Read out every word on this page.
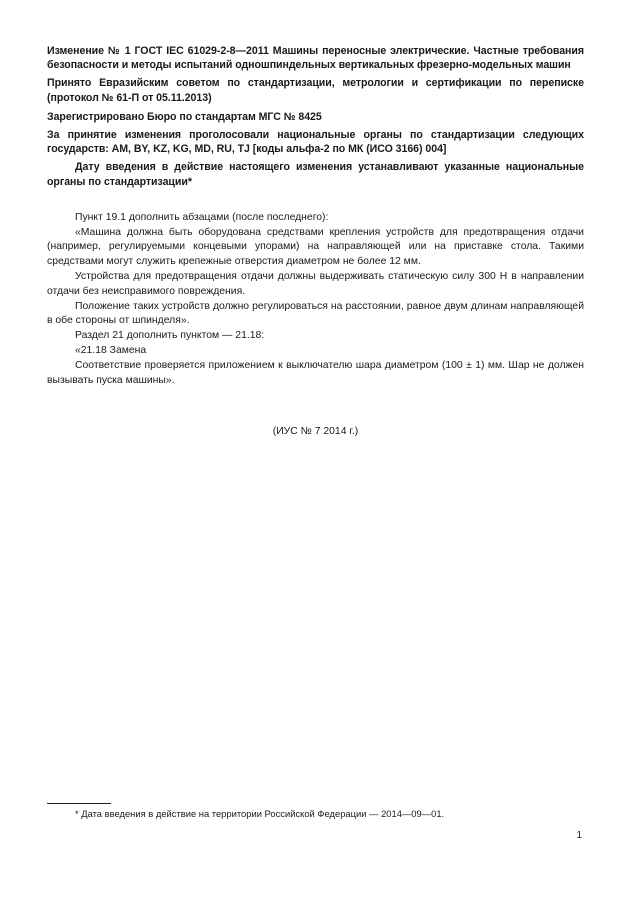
Изменение № 1 ГОСТ IEC 61029-2-8—2011 Машины переносные электрические. Частные требования безопасности и методы испытаний одношпиндельных вертикальных фрезерно-модельных машин

Принято Евразийским советом по стандартизации, метрологии и сертификации по переписке (протокол № 61-П от 05.11.2013)

Зарегистрировано Бюро по стандартам МГС № 8425

За принятие изменения проголосовали национальные органы по стандартизации следующих государств: AM, BY, KZ, KG, MD, RU, TJ [коды альфа-2 по МК (ИСО 3166) 004]

Дату введения в действие настоящего изменения устанавливают указанные национальные органы по стандартизации*

Пункт 19.1 дополнить абзацами (после последнего):

«Машина должна быть оборудована средствами крепления устройств для предотвращения отдачи (например, регулируемыми концевыми упорами) на направляющей или на приставке стола. Такими средствами могут служить крепежные отверстия диаметром не более 12 мм.

Устройства для предотвращения отдачи должны выдерживать статическую силу 300 Н в направлении отдачи без неисправимого повреждения.

Положение таких устройств должно регулироваться на расстоянии, равное двум длинам направляющей в обе стороны от шпинделя».

Раздел 21 дополнить пунктом — 21.18:

«21.18 Замена

Соответствие проверяется приложением к выключателю шара диаметром (100 ± 1) мм. Шар не должен вызывать пуска машины».

(ИУС № 7 2014 г.)
* Дата введения в действие на территории Российской Федерации — 2014—09—01.
1
